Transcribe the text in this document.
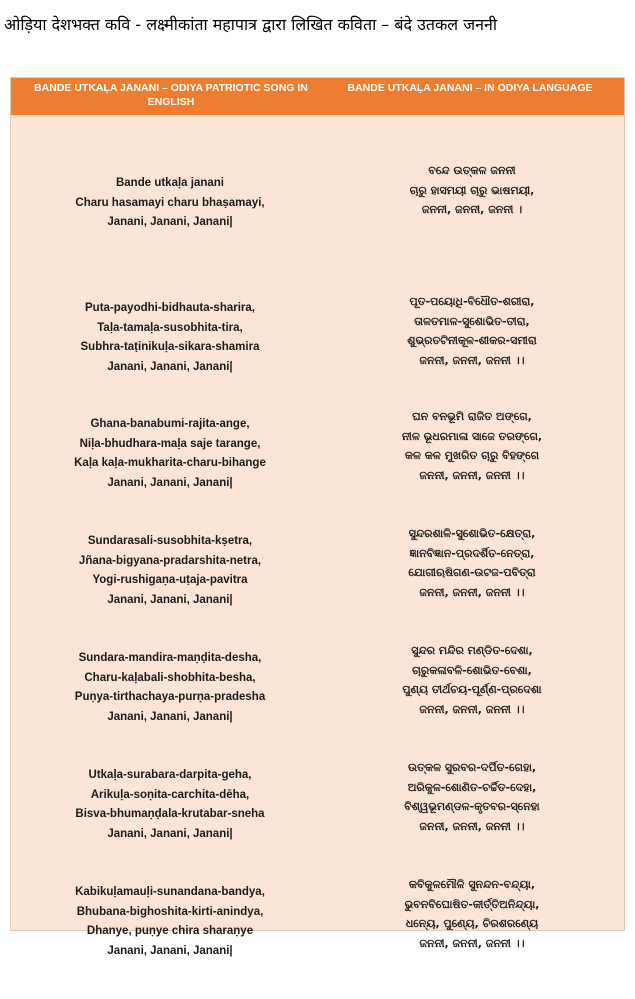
ओड़िया देशभक्त कवि - लक्ष्मीकांता महापात्र द्वारा लिखित कविता – बंदे उतकल जननी
BANDE UTKAḶA JANANI – ODIYA PATRIOTIC SONG IN ENGLISH
BANDE UTKAḶA JANANI – IN ODIYA LANGUAGE
Bande utkaḷa janani
Charu hasamayi charu bhaṣamayi,
Janani, Janani, Janani|
ବନ୍ଦେ ଉତ୍କଳ ଜନନୀ
ଚାରୁ ହାସମୟୀ ଚାରୁ ଭାଷମୟୀ,
ଜନନୀ, ଜନନୀ, ଜନନୀ ।
Puta-payodhi-bidhauta-sharira,
Taḷa-tamaḷa-susobhita-tira,
Subhra-taṭinikuḷa-sikara-shamira
Janani, Janani, Janani|
ପୂତ-ପୟୋଧି-ବିଧୌତ-ଶରୀରା,
ତାଳତମାଳ-ସୁଶୋଭିତ-ତୀରା,
ଶୁଭ୍ରତଟିନୀକୂଳ-ଶୀକର-ସମୀରା
ଜନନୀ, ଜନନୀ, ଜନନୀ ।।
Ghana-banabumi-rajita-ange,
Niḷa-bhudhara-maḷa saje tarange,
Kaḷa kaḷa-mukharita-charu-bihange
Janani, Janani, Janani|
ଘନ ବନଭୂମି ରାଜିତ ଅଙ୍ଗେ,
ନୀଳ ଭୂଧରମାଳା ସାଜେ ତରଙ୍ଗେ,
କଳ କଳ ମୁଖରିତ ଚାରୁ ବିହଙ୍ଗେ
ଜନନୀ, ଜନନୀ, ଜନନୀ ।।
Sundarasali-susobhita-kṣetra,
Jñana-bigyana-pradarshita-netra,
Yogi-rushigaṇa-uṭaja-pavitra
Janani, Janani, Janani|
ସୁନ୍ଦରଶାଳି-ସୁଶୋଭିତ-କ୍ଷେତ୍ରା,
ଜ୍ଞାନବିଜ୍ଞାନ-ପ୍ରଦର୍ଶିତ-ନେତ୍ରା,
ଯୋଗୀଋଷିଗଣ-ଉଟଜ-ପବିତ୍ରା
ଜନନୀ, ଜନନୀ, ଜନନୀ ।।
Sundara-mandira-maṇḍita-desha,
Charu-kaḷabali-shobhita-besha,
Puṇya-tirthachaya-purṇa-pradesha
Janani, Janani, Janani|
ସୁନ୍ଦର ମନ୍ଦିର ମଣ୍ଡିତ-ଦେଶା,
ଚାରୁକଳାବଳି-ଶୋଭିତ-ବେଶା,
ପୁଣ୍ୟ ତୀର୍ଥଚୟ-ପୂର୍ଣ୍ଣ-ପ୍ରଦେଶା
ଜନନୀ, ଜନନୀ, ଜନନୀ ।।
Utkaḷa-surabara-darpita-geha,
Arikuḷa-soṇita-carchita-dēha,
Bisva-bhumaṇḍala-krutabar-sneha
Janani, Janani, Janani|
ଉତ୍କଳ ସୁରବର-ଦର୍ପିତ-ଗେହା,
ଅରିକୁଳ-ଶୋଣିତ-ଚର୍ଚ୍ଚିତ-ଦେହା,
ବିଶ୍ୱଭୂମଣ୍ଡଳ-କୃତବର-ସ୍ନେହା
ଜନନୀ, ଜନନୀ, ଜନନୀ ।।
Kabikuḷamauḷi-sunandana-bandya,
Bhubana-bighoshita-kirti-anindya,
Dhanye, puṇye chira sharaṇye
Janani, Janani, Janani|
କବିକୁଳମୌଳି ସୁନନ୍ଦନ-ବନ୍ଦ୍ୟା,
ଭୁବନବିଘୋଷିତ-କୀର୍ତ୍ତିଅନିନ୍ଦ୍ୟା,
ଧନ୍ୟେ, ପୁଣ୍ୟେ, ଚିରଶରଣ୍ୟେ
ଜନନୀ, ଜନନୀ, ଜନନୀ ।।
